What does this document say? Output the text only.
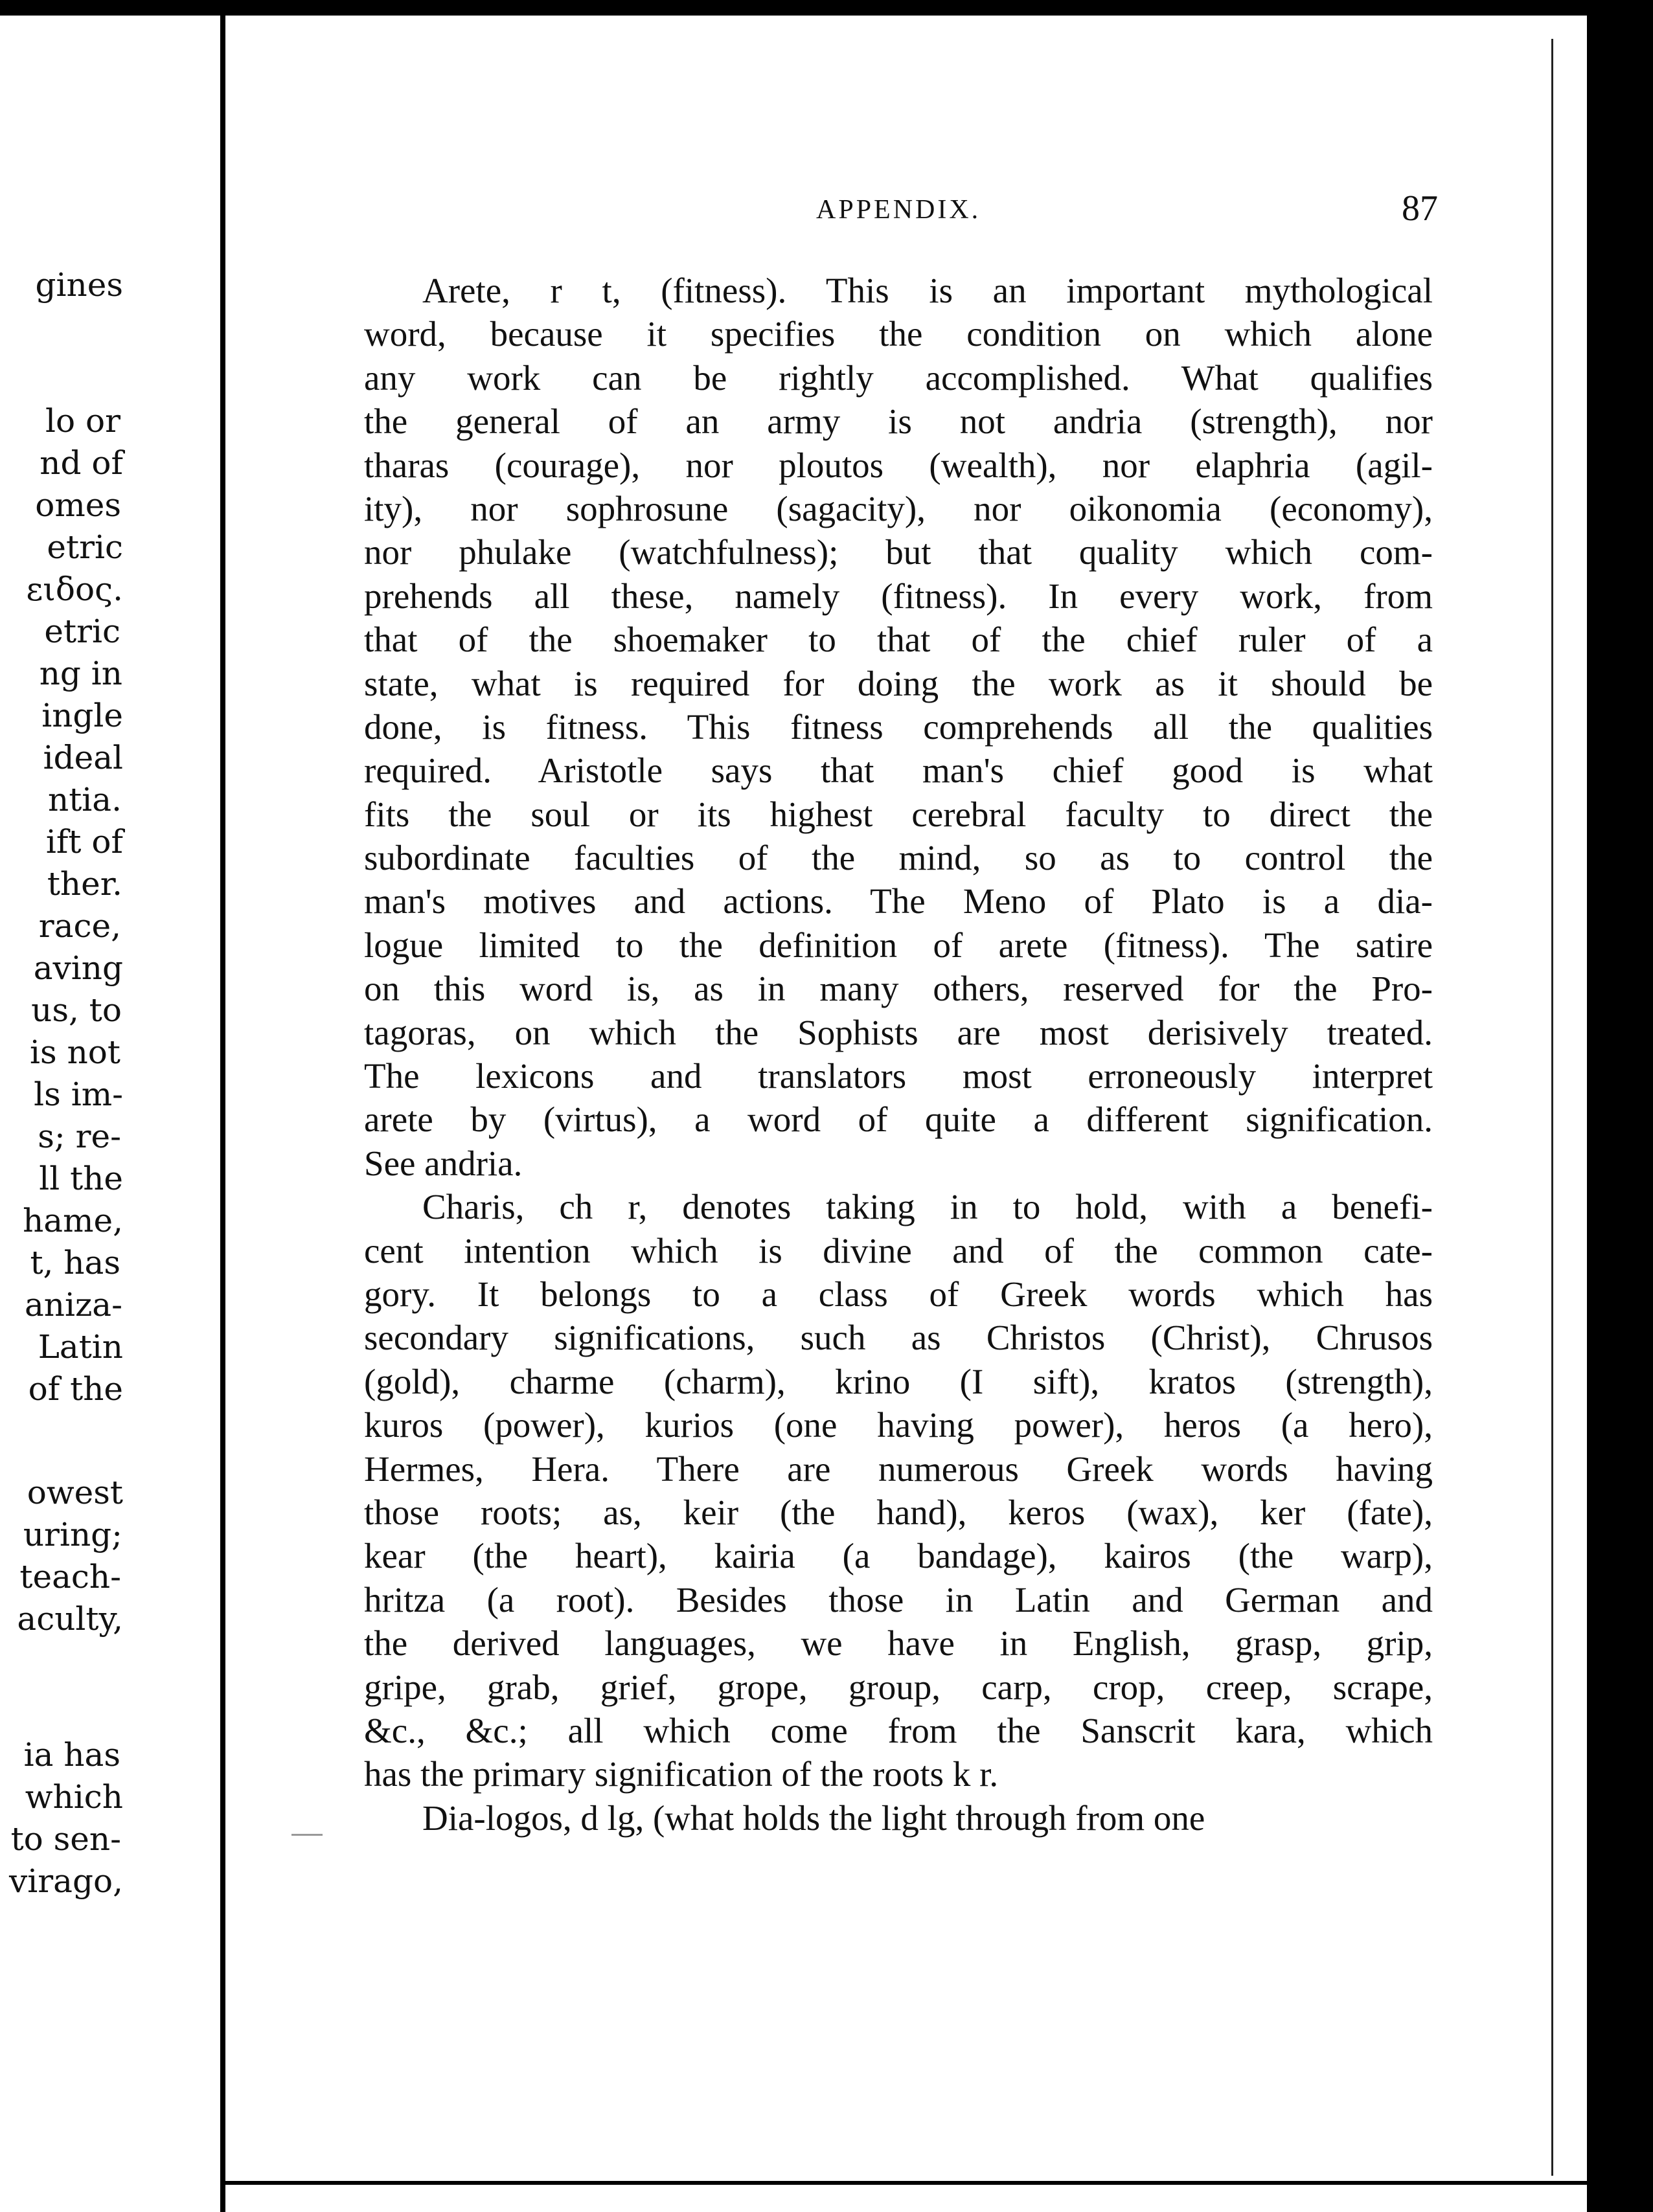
gines
lo or
nd of
omes
etric
ειδος.
etric
ng in
ingle
ideal
ntia.
ift of
ther.
race,
aving
us, to
is not
ls im-
s; re-
ll the
hame,
t, has
aniza-
Latin
of the
owest
uring;
teach-
aculty,
ia has
which
to sen-
virago,
APPENDIX.	87
Arete, r t, (fitness). This is an important mythological
word, because it specifies the condition on which alone
any work can be rightly accomplished. What qualifies
the general of an army is not andria (strength), nor
tharas (courage), nor ploutos (wealth), nor elaphria (agil-
ity), nor sophrosune (sagacity), nor oikonomia (economy),
nor phulake (watchfulness); but that quality which com-
prehends all these, namely (fitness). In every work, from
that of the shoemaker to that of the chief ruler of a
state, what is required for doing the work as it should be
done, is fitness. This fitness comprehends all the qualities
required. Aristotle says that man's chief good is what
fits the soul or its highest cerebral faculty to direct the
subordinate faculties of the mind, so as to control the
man's motives and actions. The Meno of Plato is a dia-
logue limited to the definition of arete (fitness). The satire
on this word is, as in many others, reserved for the Pro-
tagoras, on which the Sophists are most derisively treated.
The lexicons and translators most erroneously interpret
arete by (virtus), a word of quite a different signification.
See andria.
Charis, ch r, denotes taking in to hold, with a benefi-
cent intention which is divine and of the common cate-
gory. It belongs to a class of Greek words which has
secondary significations, such as Christos (Christ), Chrusos
(gold), charme (charm), krino (I sift), kratos (strength),
kuros (power), kurios (one having power), heros (a hero),
Hermes, Hera. There are numerous Greek words having
those roots; as, keir (the hand), keros (wax), ker (fate),
kear (the heart), kairia (a bandage), kairos (the warp),
hritza (a root). Besides those in Latin and German and
the derived languages, we have in English, grasp, grip,
gripe, grab, grief, grope, group, carp, crop, creep, scrape,
&c., &c.; all which come from the Sanscrit kara, which
has the primary signification of the roots k r.
Dia-logos, d lg, (what holds the light through from one
